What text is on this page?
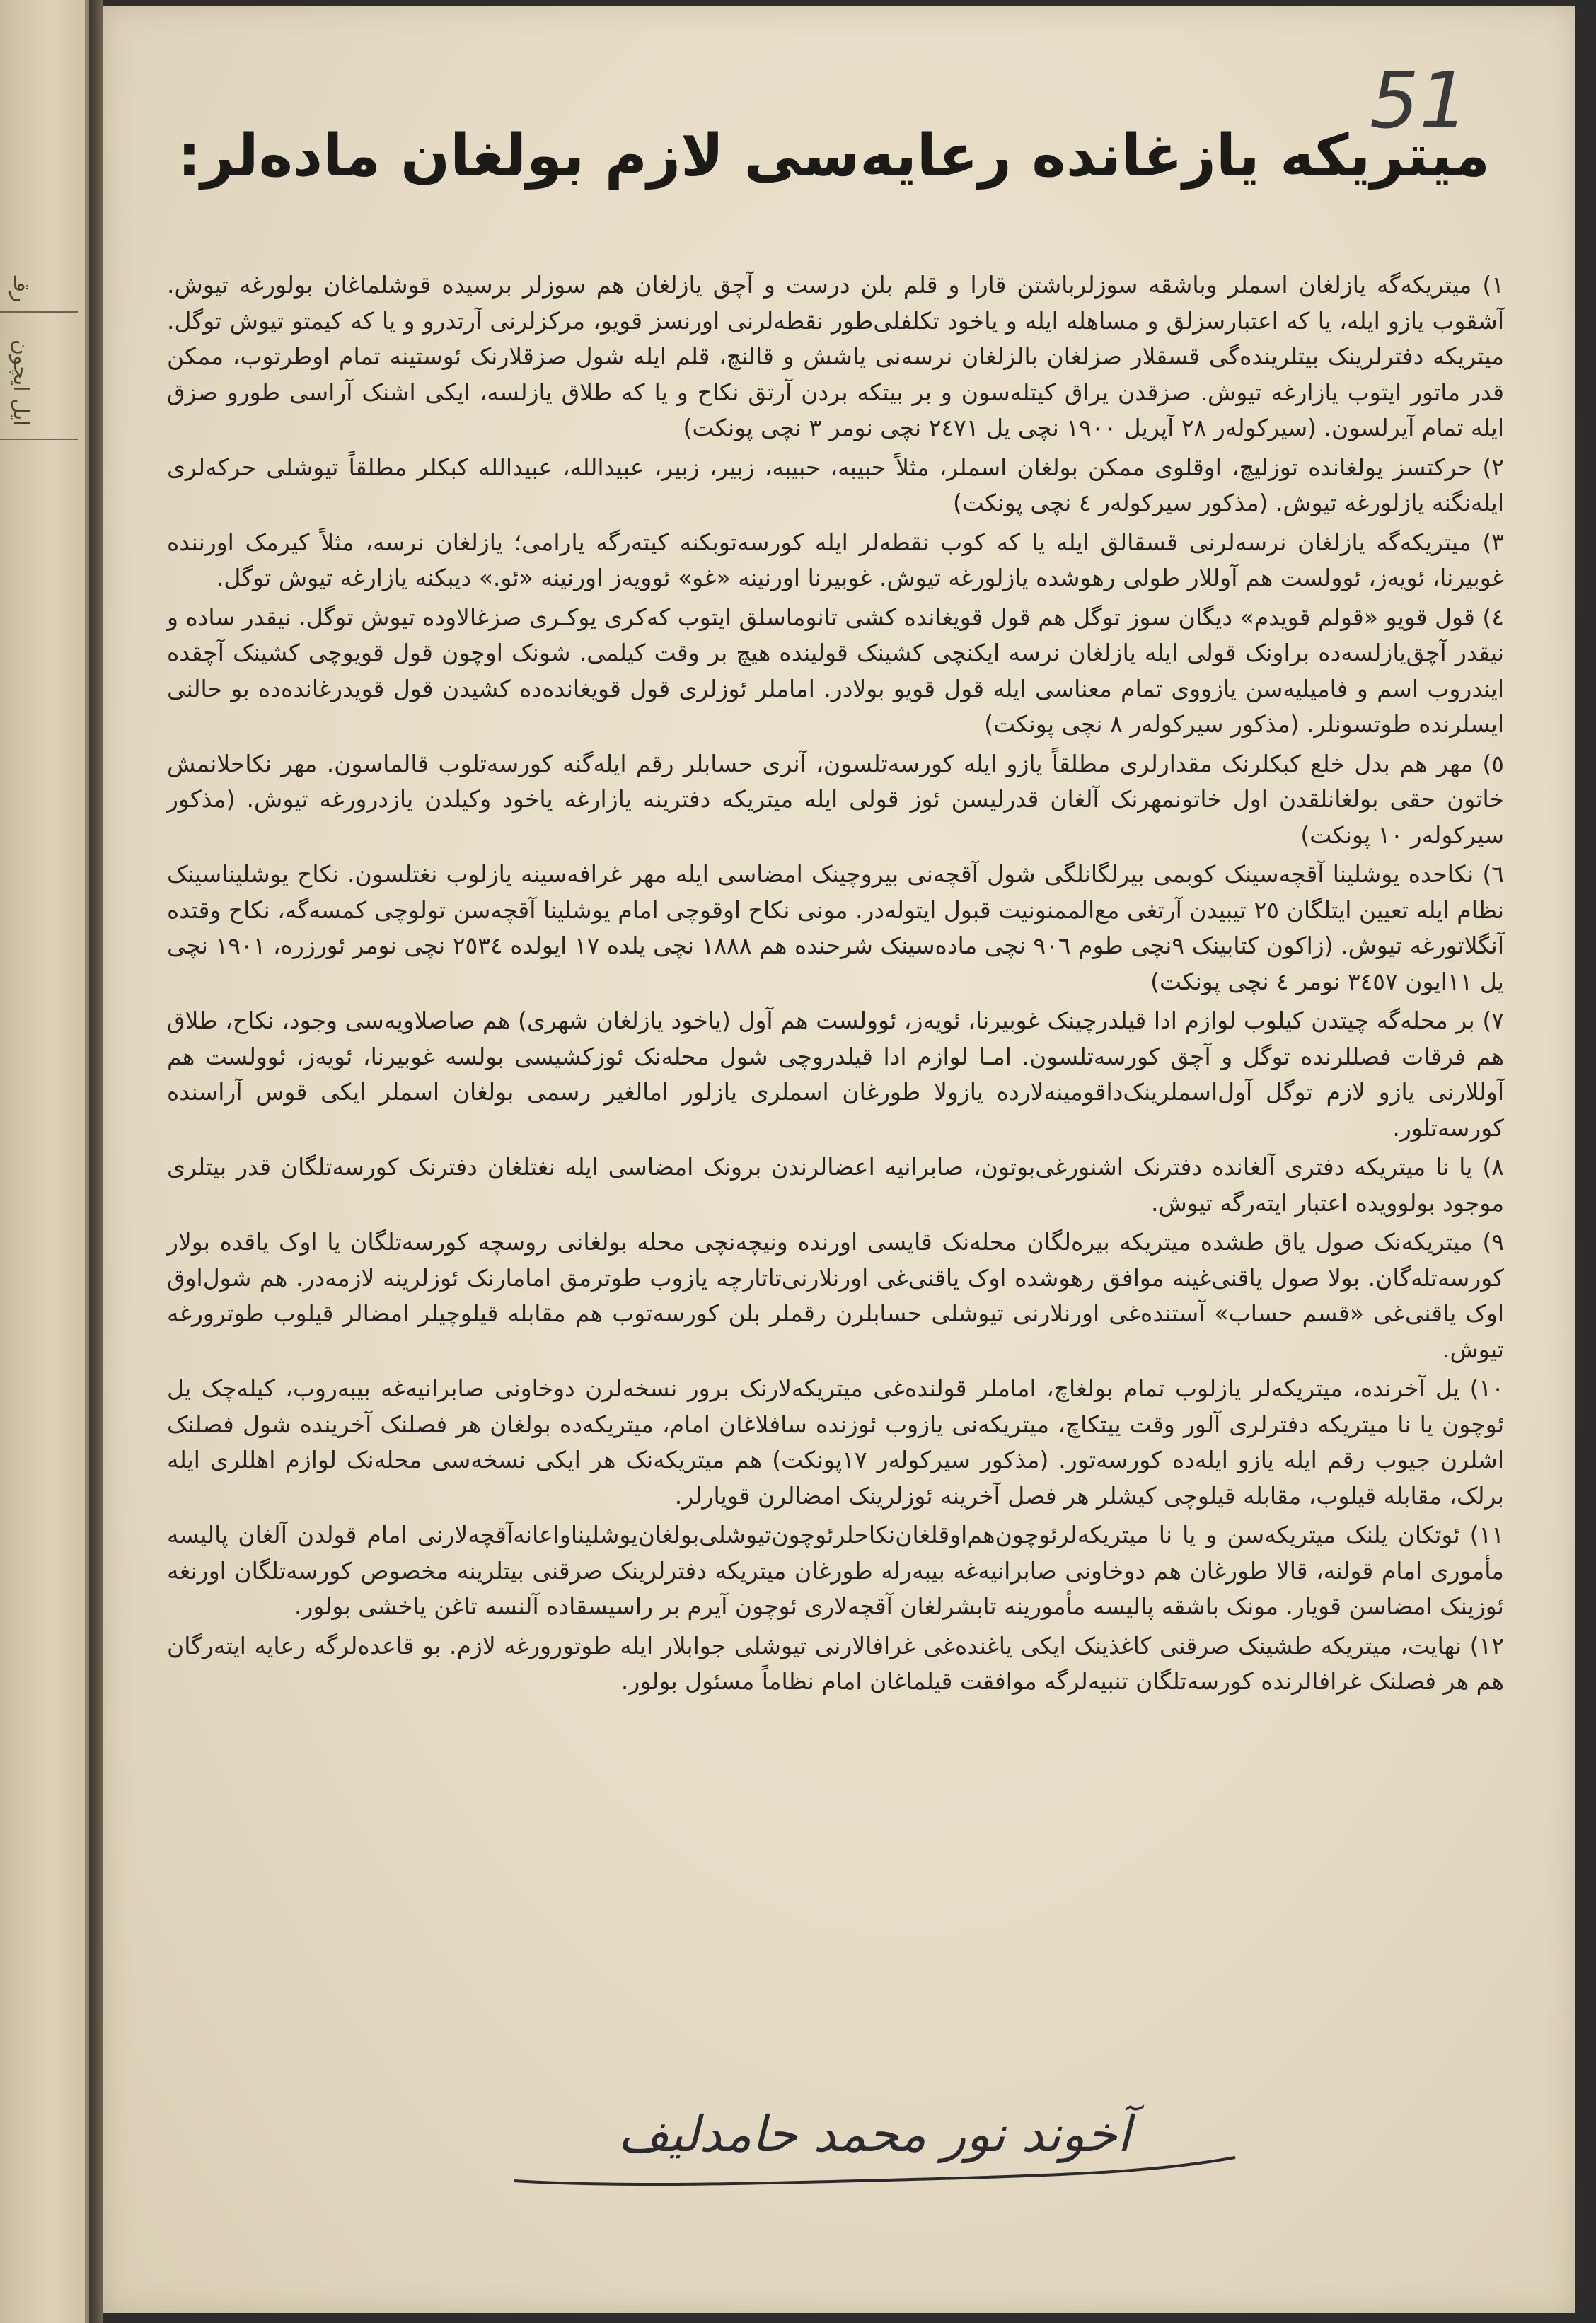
رقـ
ایل ایچون
51
میتریکه یازغانده رعایه‌سی لازم بولغان ماده‌لر:

١) میتریکه‌گه یازلغان اسملر وباشقه سوزلرباشتن قارا و قلم بلن درست و آچق یازلغان هم سوزلر برسیده قوشلماغان بولورغه تیوش. آشقوب یازو ایله، یا که اعتبارسزلق و مساهله ایله و یاخود تکلفلی‌طور نقطه‌لرنی اورنسز قویو، مرکزلرنی آرتدرو و یا که کیمتو تیوش توگل. میتریکه دفترلرینک بیتلرینده‌گی قسقلار صزلغان بالزلغان نرسه‌نی یاشش و قالنچ، قلم ایله شول صزقلارنک ئوستینه‌ تمام اوطرتوب، ممکن قدر ماتور ایتوب یازارغه تیوش. صزقدن یراق کیتله‌سون و بر بیتکه بردن آرتق نکاح و یا که طلاق یازلسه، ایکی اشنک آراسی طورو صزق ایله تمام آیرلسون. (سیرکوله‌ر ٢٨ آپریل ١٩٠٠ نچی یل ٢٤٧١ نچی نومر ٣ نچی پونکت)

٢) حرکتسز یولغانده توزلیچ، اوقلوی ممکن بولغان اسملر، مثلاً حبیبه، حبیبه، زبیر، زبیر، عبیدالله، عبیدالله کبکلر مطلقاً تیوشلی حرکه‌لری ایله‌نگنه یازلورغه تیوش. (مذکور سیرکوله‌ر ٤ نچی پونکت)

٣) میتریکه‌گه یازلغان نرسه‌لرنی قسقالق ایله یا که کوب نقطه‌لر ایله کورسه‌توبکنه کیته‌رگه یارامی؛ یازلغان نرسه، مثلاً کیرمک اورننده غوبیرنا، ئویه‌ز، ئوولست هم آوللار طولی رهوشده یازلورغه تیوش. غوبیرنا اورنینه «غو» ئوویه‌ز اورنینه «ئو.» دیبکنه یازارغه تیوش توگل.

٤) قول قویو «قولم قویدم» دیگان سوز توگل هم قول قویغانده کشی تانوماسلق ایتوب که‌کری یوکـری صزغالاوده تیوش توگل. نیقدر ساده و نیقدر آچق‌یازلسه‌ده براونک قولی ایله یازلغان نرسه ایکنچی کشینک قولینده هیچ بر وقت کیلمی. شونک اوچون قول قویوچی کشینک آچقده ایندروب اسم و فامیلیه‌سن یازووی تمام معناسی ایله قول قویو بولادر. اماملر ئوزلری قول قویغانده‌ده کشیدن قول قویدرغانده‌ده بو حالنی ایسلرنده طوتسونلر. (مذکور سیرکوله‌ر ٨ نچی پونکت)

٥) مهر هم بدل خلع کبکلرنک مقدارلری مطلقاً یازو ایله کورسه‌تلسون، آنری حسابلر رقم ایله‌گنه کورسه‌تلوب قالماسون. مهر نکاحلانمش خاتون حقی بولغانلقدن اول خاتونمهرنک آلغان قدرلیسن ئوز قولی ایله میتریکه دفترینه یازارغه یاخود وکیلدن یازدرورغه تیوش. (مذکور سیرکوله‌ر ١٠ پونکت)

٦) نکاحده یوشلینا آقچه‌سینک کوبمی بیرلگانلگی شول آقچه‌نی بیروچینک امضاسی ایله مهر غرافه‌سینه یازلوب نغتلسون. نکاح یوشلیناسینک نظام ایله تعیین ایتلگان ٢٥ تیبیدن آرتغی مع‌الممنونیت قبول ایتوله‌در. مونی نکاح اوقوچی امام یوشلینا آقچه‌سن تولوچی کمسه‌گه، نکاح وقتده آنگلاتورغه تیوش. (زاکون کتابینک ٩نچی طوم ٩٠٦ نچی ماده‌سینک شرحنده هم ١٨٨٨ نچی یلده ١٧ ایولده ٢٥٣٤ نچی نومر ئورزره، ١٩٠١ نچی یل ١١ایون ٣٤٥٧ نومر ٤ نچی پونکت)

٧) بر محله‌گه چیتدن کیلوب لوازم ادا قیلدرچینک غوبیرنا، ئویه‌ز، ئوولست هم آول (یاخود یازلغان شهری) هم صاصلاویه‌سی وجود، نکاح، طلاق هم فرقات فصللرنده توگل و آچق کورسه‌تلسون. امـا لوازم ادا قیلدروچی شول محله‌نک ئوزکشیسی بولسه غوبیرنا، ئویه‌ز، ئوولست هم آوللارنی یازو لازم توگل آول‌اسملرینک‌داقومینه‌لارده یازولا طورغان اسملری یازلور امالغیر رسمی بولغان اسملر ایکی قوس آراسنده کورسه‌تلور.

٨) یا نا میتریکه دفتری آلغانده دفترنک اشنورغی‌بوتون، صابرانیه اعضالرندن برونک امضاسی ایله نغتلغان دفترنک کورسه‌تلگان قدر بیتلری موجود بولوویده اعتبار ایته‌رگه تیوش.

٩) میتریکه‌نک صول یاق طشده میتریکه بیره‌لگان محله‌نک قایسی اورنده ونیچه‌نچی محله بولغانی روسچه کورسه‌تلگان یا اوک یاقده بولار کورسه‌تله‌گان. بولا صول یاقنی‌غینه موافق رهوشده اوک یاقنی‌غی اورنلارنی‌تاتارچه یازوب طوترمق امامارنک ئوزلرینه لازمه‌در. هم شول‌اوق اوک یاقنی‌غی «قسم حساب» آستنده‌غی اورنلارنی تیوشلی حسابلرن رقملر بلن کورسه‌توب هم مقابله قیلوچیلر امضالر قیلوب طوترورغه تیوش.

١٠) یل آخرنده، میتریکه‌لر یازلوب تمام بولغاچ، اماملر قولنده‌غی میتریکه‌لارنک برور نسخه‌لرن دوخاونی صابرانیه‌غه بیبه‌روب، کیله‌چک یل ئوچون یا نا میتریکه دفترلری آلور وقت ییتکاچ، میتریکه‌نی یازوب ئوزنده سافلاغان امام، میتریکه‌ده بولغان هر فصلنک آخرینده شول فصلنک اشلرن جیوب رقم ایله یازو ایله‌ده کورسه‌تور. (مذکور سیرکوله‌ر ١٧پونکت) هم میتریکه‌نک هر ایکی نسخه‌سی محله‌نک لوازم اهللری ایله برلک، مقابله قیلوب، مقابله قیلوچی کیشلر هر فصل آخرینه ئوزلرینک امضالرن قویارلر.

١١) ئوتکان یلنک میتریکه‌سن و یا نا میتریکه‌لرئوچون‌هم‌اوقلغان‌نکاحلرئوچون‌تیوشلی‌بولغان‌یوشلیناواعانه‌آقچه‌لارنی امام قولدن آلغان پالیسه مأموری امام قولنه، قالا طورغان هم دوخاونی صابرانیه‌غه بیبه‌رله طورغان میتریکه دفترلرینک صرقنی بیتلرینه مخصوص کورسه‌تلگان اورنغه ئوزینک امضاسن قویار. مونک باشقه پالیسه مأمورینه تابشرلغان آقچه‌لاری ئوچون آیرم بر راسیسقاده آلنسه تاغن یاخشی بولور.

١٢) نهایت، میتریکه طشینک صرقنی کاغذینک ایکی یاغنده‌غی غرافالارنی تیوشلی جوابلار ایله طوتورورغه لازم. بو قاعده‌لرگه رعایه ایته‌رگان هم هر فصلنک غرافالرنده کورسه‌تلگان تنبیه‌لرگه موافقت قیلماغان امام نظاماً مسئول بولور.

آخوند نور محمد حامدلیف
